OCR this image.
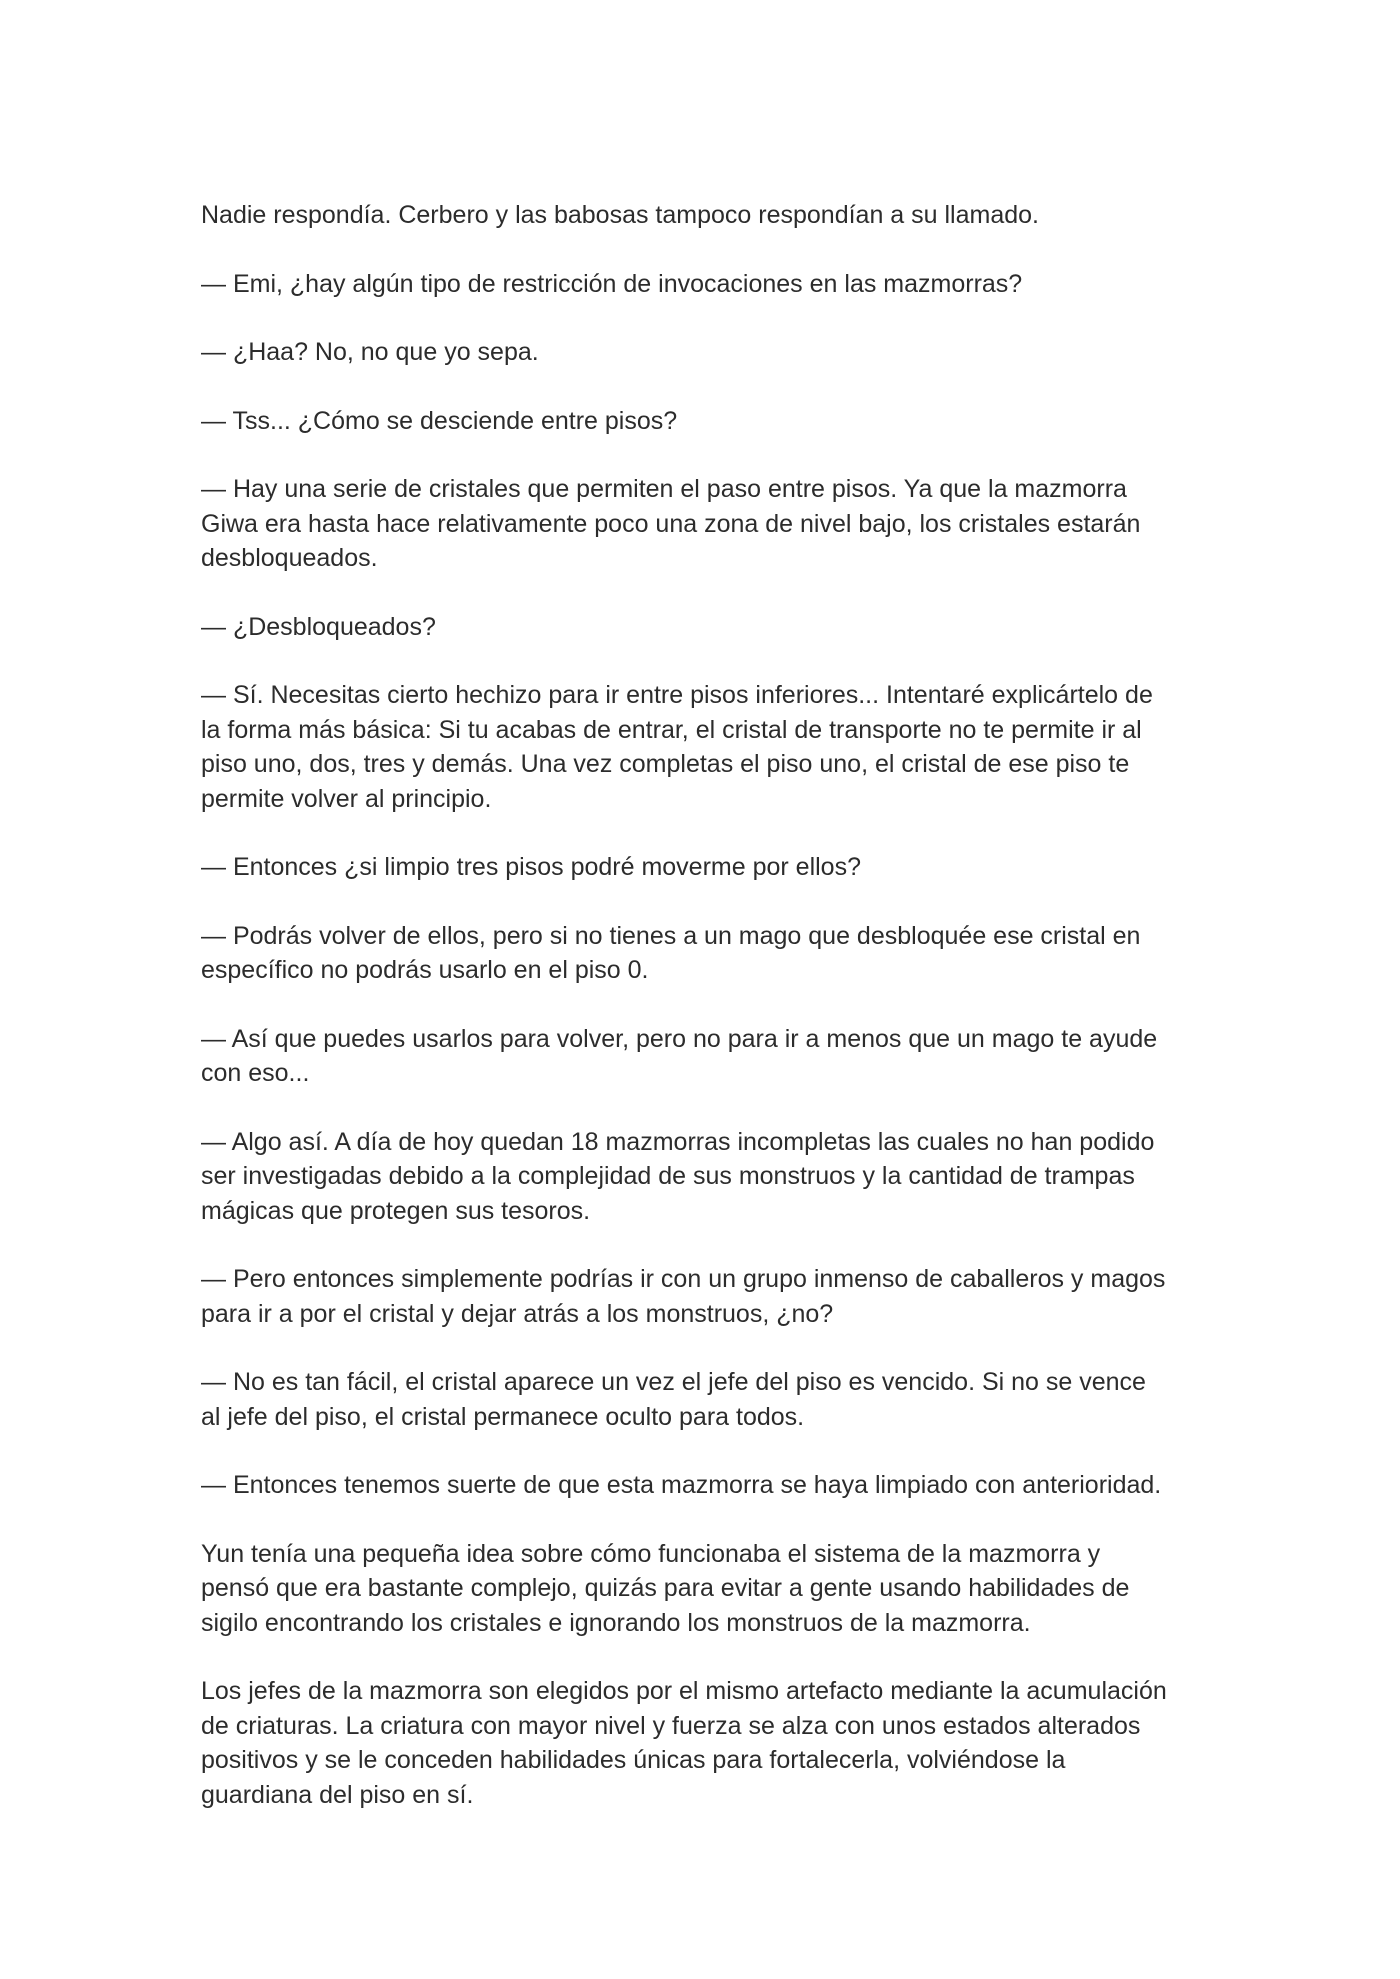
Nadie respondía. Cerbero y las babosas tampoco respondían a su llamado.

— Emi, ¿hay algún tipo de restricción de invocaciones en las mazmorras?

— ¿Haa? No, no que yo sepa.

— Tss... ¿Cómo se desciende entre pisos?

— Hay una serie de cristales que permiten el paso entre pisos. Ya que la mazmorra
Giwa era hasta hace relativamente poco una zona de nivel bajo, los cristales estarán
desbloqueados.

— ¿Desbloqueados?

— Sí. Necesitas cierto hechizo para ir entre pisos inferiores... Intentaré explicártelo de
la forma más básica: Si tu acabas de entrar, el cristal de transporte no te permite ir al
piso uno, dos, tres y demás. Una vez completas el piso uno, el cristal de ese piso te
permite volver al principio.

— Entonces ¿si limpio tres pisos podré moverme por ellos?

— Podrás volver de ellos, pero si no tienes a un mago que desbloquée ese cristal en
específico no podrás usarlo en el piso 0.

— Así que puedes usarlos para volver, pero no para ir a menos que un mago te ayude
con eso...

— Algo así. A día de hoy quedan 18 mazmorras incompletas las cuales no han podido
ser investigadas debido a la complejidad de sus monstruos y la cantidad de trampas
mágicas que protegen sus tesoros.

— Pero entonces simplemente podrías ir con un grupo inmenso de caballeros y magos
para ir a por el cristal y dejar atrás a los monstruos, ¿no?

— No es tan fácil, el cristal aparece un vez el jefe del piso es vencido. Si no se vence
al jefe del piso, el cristal permanece oculto para todos.

— Entonces tenemos suerte de que esta mazmorra se haya limpiado con anterioridad.

Yun tenía una pequeña idea sobre cómo funcionaba el sistema de la mazmorra y
pensó que era bastante complejo, quizás para evitar a gente usando habilidades de
sigilo encontrando los cristales e ignorando los monstruos de la mazmorra.

Los jefes de la mazmorra son elegidos por el mismo artefacto mediante la acumulación
de criaturas. La criatura con mayor nivel y fuerza se alza con unos estados alterados
positivos y se le conceden habilidades únicas para fortalecerla, volviéndose la
guardiana del piso en sí.
